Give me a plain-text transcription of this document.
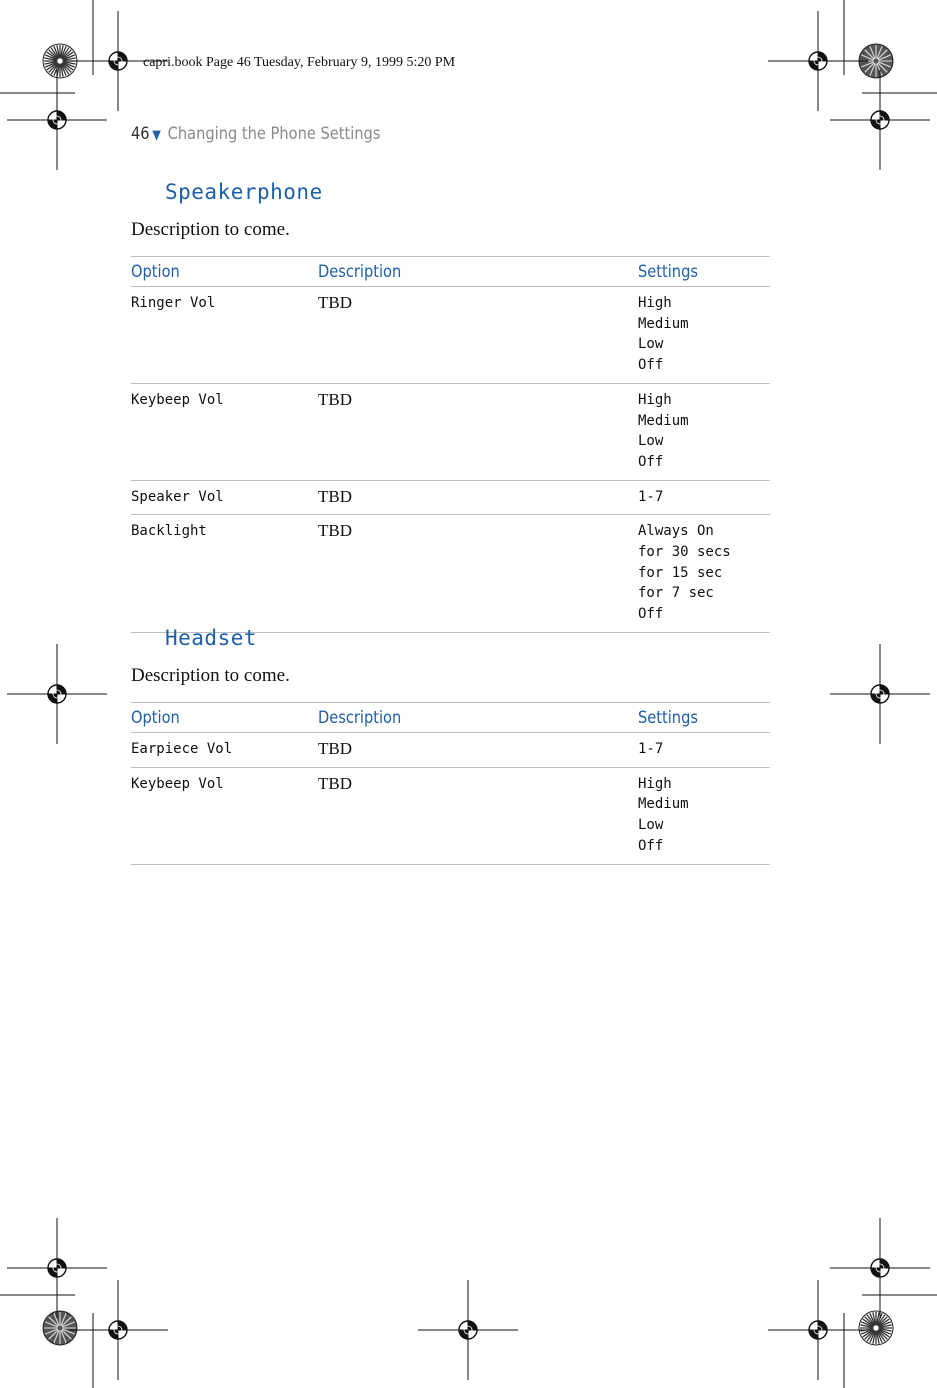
capri.book Page 46 Tuesday, February 9, 1999 5:20 PM
46 ▼ Changing the Phone Settings
Speakerphone
Description to come.
Option	Description	Settings
Ringer Vol	TBD	High
Medium
Low
Off

Keybeep Vol	TBD	High
Medium
Low
Off

Speaker Vol	TBD	1-7

Backlight	TBD	Always On
for 30 secs
for 15 sec
for 7 sec
Off
Headset
Description to come.
Option	Description	Settings
Earpiece Vol	TBD	1-7

Keybeep Vol	TBD	High
Medium
Low
Off
